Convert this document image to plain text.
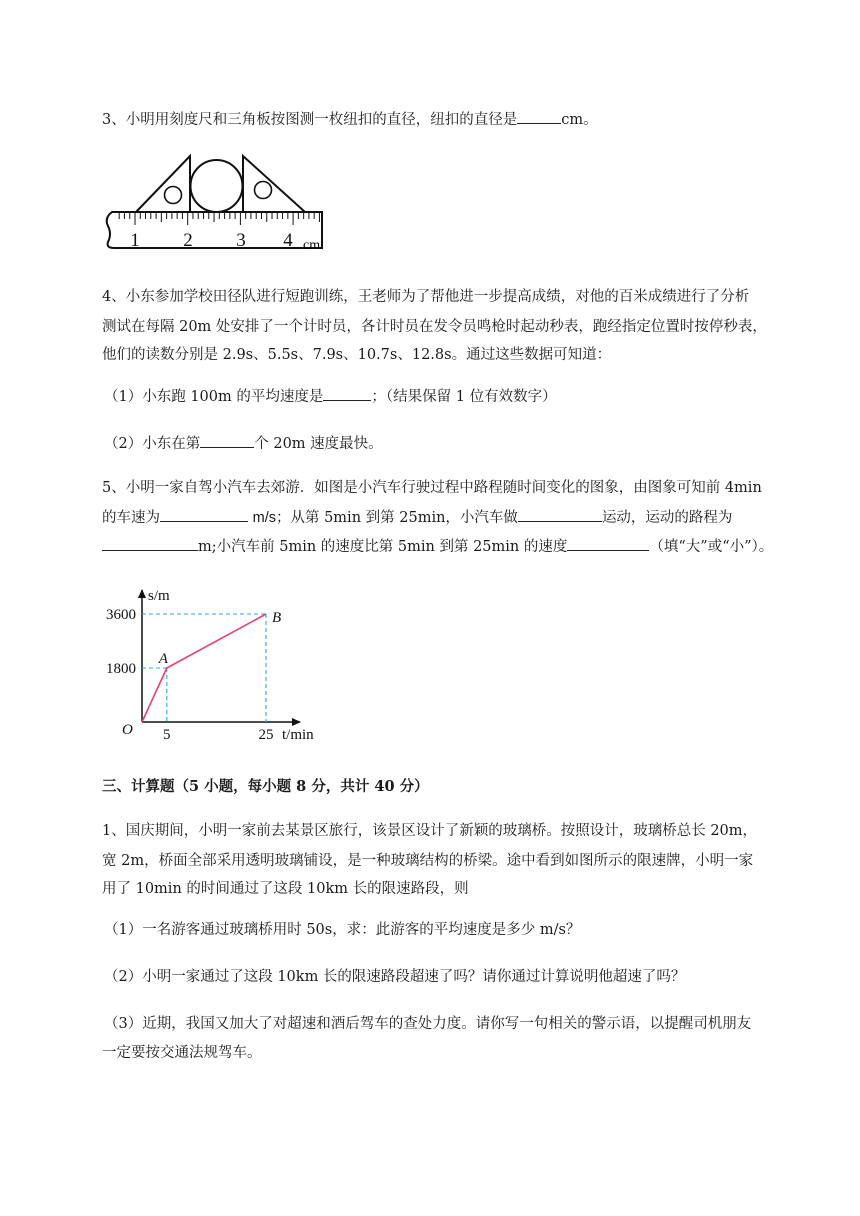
3、小明用刻度尺和三角板按图测一枚纽扣的直径，纽扣的直径是	cm。
1 2 3 4 cm
4、小东参加学校田径队进行短跑训练，王老师为了帮他进一步提高成绩，对他的百米成绩进行了分析
测试在每隔 20m 处安排了一个计时员，各计时员在发令员鸣枪时起动秒表，跑经指定位置时按停秒表，
他们的读数分别是 2.9s、5.5s、7.9s、10.7s、12.8s。通过这些数据可知道：
（1）小东跑 100m 的平均速度是	；（结果保留 1 位有效数字）
（2）小东在第	个 20m 速度最快。
5、小明一家自驾小汽车去郊游．如图是小汽车行驶过程中路程随时间变化的图象，由图象可知前 4min
的车速为	m/s；从第 5min 到第 25min，小汽车做	运动，运动的路程为
m;小汽车前 5min 的速度比第 5min 到第 25min 的速度	（填“大”或“小”）。
s/m
t/min
O
1800
3600
5	25
A
B
三、计算题（5 小题，每小题 8 分，共计 40 分）
1、国庆期间，小明一家前去某景区旅行，该景区设计了新颖的玻璃桥。按照设计，玻璃桥总长 20m，
宽 2m，桥面全部采用透明玻璃铺设，是一种玻璃结构的桥梁。途中看到如图所示的限速牌，小明一家
用了 10min 的时间通过了这段 10km 长的限速路段，则
（1）一名游客通过玻璃桥用时 50s，求：此游客的平均速度是多少 m/s？
（2）小明一家通过了这段 10km 长的限速路段超速了吗？请你通过计算说明他超速了吗？
（3）近期，我国又加大了对超速和酒后驾车的查处力度。请你写一句相关的警示语，以提醒司机朋友
一定要按交通法规驾车。
